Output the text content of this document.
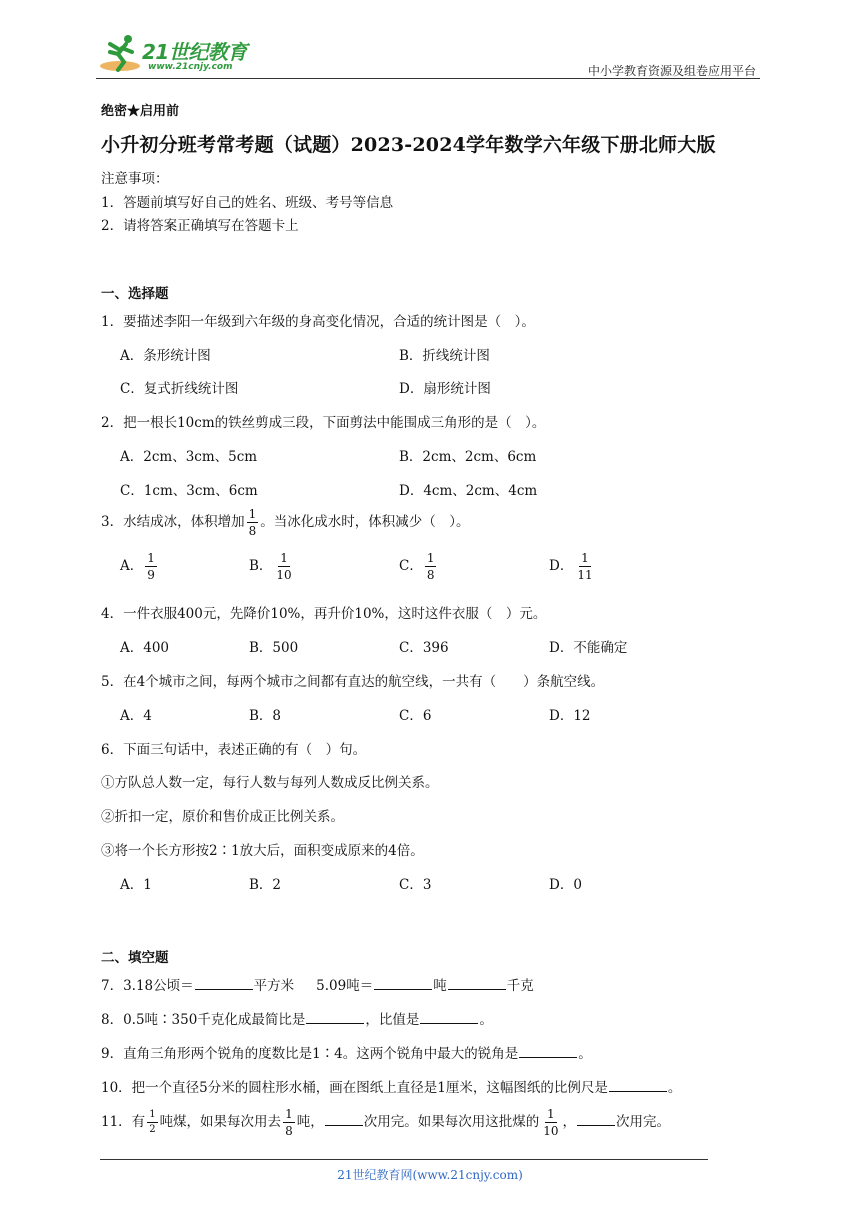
21世纪教育
www.21cnjy.com	中小学教育资源及组卷应用平台
绝密★启用前
小升初分班考常考题（试题）2023-2024学年数学六年级下册北师大版
注意事项：
1．答题前填写好自己的姓名、班级、考号等信息
2．请将答案正确填写在答题卡上
一、选择题
1．要描述李阳一年级到六年级的身高变化情况，合适的统计图是（　）。
A．条形统计图	B．折线统计图
C．复式折线统计图	D．扇形统计图
2．把一根长10cm的铁丝剪成三段，下面剪法中能围成三角形的是（　）。
A．2cm、3cm、5cm	B．2cm、2cm、6cm
C．1cm、3cm、6cm	D．4cm、2cm、4cm
3．水结成冰，体积增加 $\frac{1}{8}$ 。当冰化成水时，体积减少（　）。
A． $\frac{1}{9}$	B． $\frac{1}{10}$	C． $\frac{1}{8}$	D． $\frac{1}{11}$
4．一件衣服400元，先降价10%，再升价10%，这时这件衣服（　）元。
A．400	B．500	C．396	D．不能确定
5．在4个城市之间，每两个城市之间都有直达的航空线，一共有（　　）条航空线。
A．4	B．8	C．6	D．12
6．下面三句话中，表述正确的有（　）句。
①方队总人数一定，每行人数与每列人数成反比例关系。
②折扣一定，原价和售价成正比例关系。
③将一个长方形按2∶1放大后，面积变成原来的4倍。
A．1	B．2	C．3	D．0
二、填空题
7．3.18公顷＝	平方米 5.09吨＝	吨	千克
8．0.5吨∶350千克化成最简比是	，比值是	。
9．直角三角形两个锐角的度数比是1∶4。这两个锐角中最大的锐角是	。
10．把一个直径5分米的圆柱形水桶，画在图纸上直径是1厘米，这幅图纸的比例尺是	。
11．有 $\frac{1}{2}$ 吨煤，如果每次用去 $\frac{1}{8}$ 吨，	次用完。如果每次用这批煤的 $\frac{1}{10}$ ，	次用完。
21世纪教育网(www.21cnjy.com)
